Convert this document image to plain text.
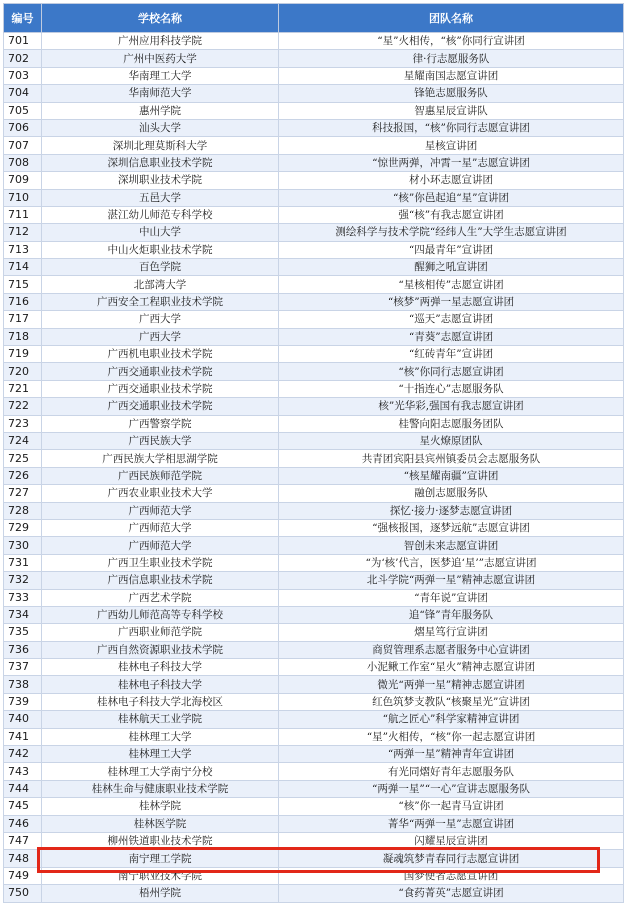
编号	学校名称	团队名称
701	广州应用科技学院	“星”火相传，“核”你同行宣讲团
702	广州中医药大学	律·行志愿服务队
703	华南理工大学	星耀南国志愿宣讲团
704	华南师范大学	锋铯志愿服务队
705	惠州学院	智惠星辰宣讲队
706	汕头大学	科技报国，“核”你同行志愿宣讲团
707	深圳北理莫斯科大学	星核宣讲团
708	深圳信息职业技术学院	“惊世两弹，冲霄一星”志愿宣讲团
709	深圳职业技术学院	材小环志愿宣讲团
710	五邑大学	“核”你邑起追“星”宣讲团
711	湛江幼儿师范专科学校	强“核”有我志愿宣讲团
712	中山大学	测绘科学与技术学院“经纬人生”大学生志愿宣讲团
713	中山火炬职业技术学院	“四最青年”宣讲团
714	百色学院	醒狮之吼宣讲团
715	北部湾大学	“星核相传”志愿宣讲团
716	广西安全工程职业技术学院	“核梦”两弹一星志愿宣讲团
717	广西大学	“巡天”志愿宣讲团
718	广西大学	“青葵”志愿宣讲团
719	广西机电职业技术学院	“红砖青年”宣讲团
720	广西交通职业技术学院	“核”你同行志愿宣讲团
721	广西交通职业技术学院	“十指连心”志愿服务队
722	广西交通职业技术学院	核”光华彩,强国有我志愿宣讲团
723	广西警察学院	桂警向阳志愿服务团队
724	广西民族大学	星火燎原团队
725	广西民族大学相思湖学院	共青团宾阳县宾州镇委员会志愿服务队
726	广西民族师范学院	“核星耀南疆”宣讲团
727	广西农业职业技术大学	融创志愿服务队
728	广西师范大学	探忆·接力·逐梦志愿宣讲团
729	广西师范大学	“强核报国，逐梦远航”志愿宣讲团
730	广西师范大学	智创未来志愿宣讲团
731	广西卫生职业技术学院	“为‘核’代言，医梦追‘星’”志愿宣讲团
732	广西信息职业技术学院	北斗学院“两弹一星”精神志愿宣讲团
733	广西艺术学院	“青年说”宣讲团
734	广西幼儿师范高等专科学校	追“锋”青年服务队
735	广西职业师范学院	熠星笃行宣讲团
736	广西自然资源职业技术学院	商贸管理系志愿者服务中心宣讲团
737	桂林电子科技大学	小泥鳅工作室“星火”精神志愿宣讲团
738	桂林电子科技大学	微光“两弹一星”精神志愿宣讲团
739	桂林电子科技大学北海校区	红色筑梦支教队“核聚星光”宣讲团
740	桂林航天工业学院	“航之匠心”科学家精神宣讲团
741	桂林理工大学	“星”火相传，“核”你一起志愿宣讲团
742	桂林理工大学	“两弹一星”精神青年宣讲团
743	桂林理工大学南宁分校	有光同熠好青年志愿服务队
744	桂林生命与健康职业技术学院	“两弹一星”“一心”宣讲志愿服务队
745	桂林学院	“核”你一起青马宣讲团
746	桂林医学院	菁华“两弹一星”志愿宣讲团
747	柳州铁道职业技术学院	闪耀星辰宣讲团
748	南宁理工学院	凝魂筑梦青春同行志愿宣讲团
749	南宁职业技术学院	国梦使者志愿宣讲团
750	梧州学院	“食药菁英”志愿宣讲团
